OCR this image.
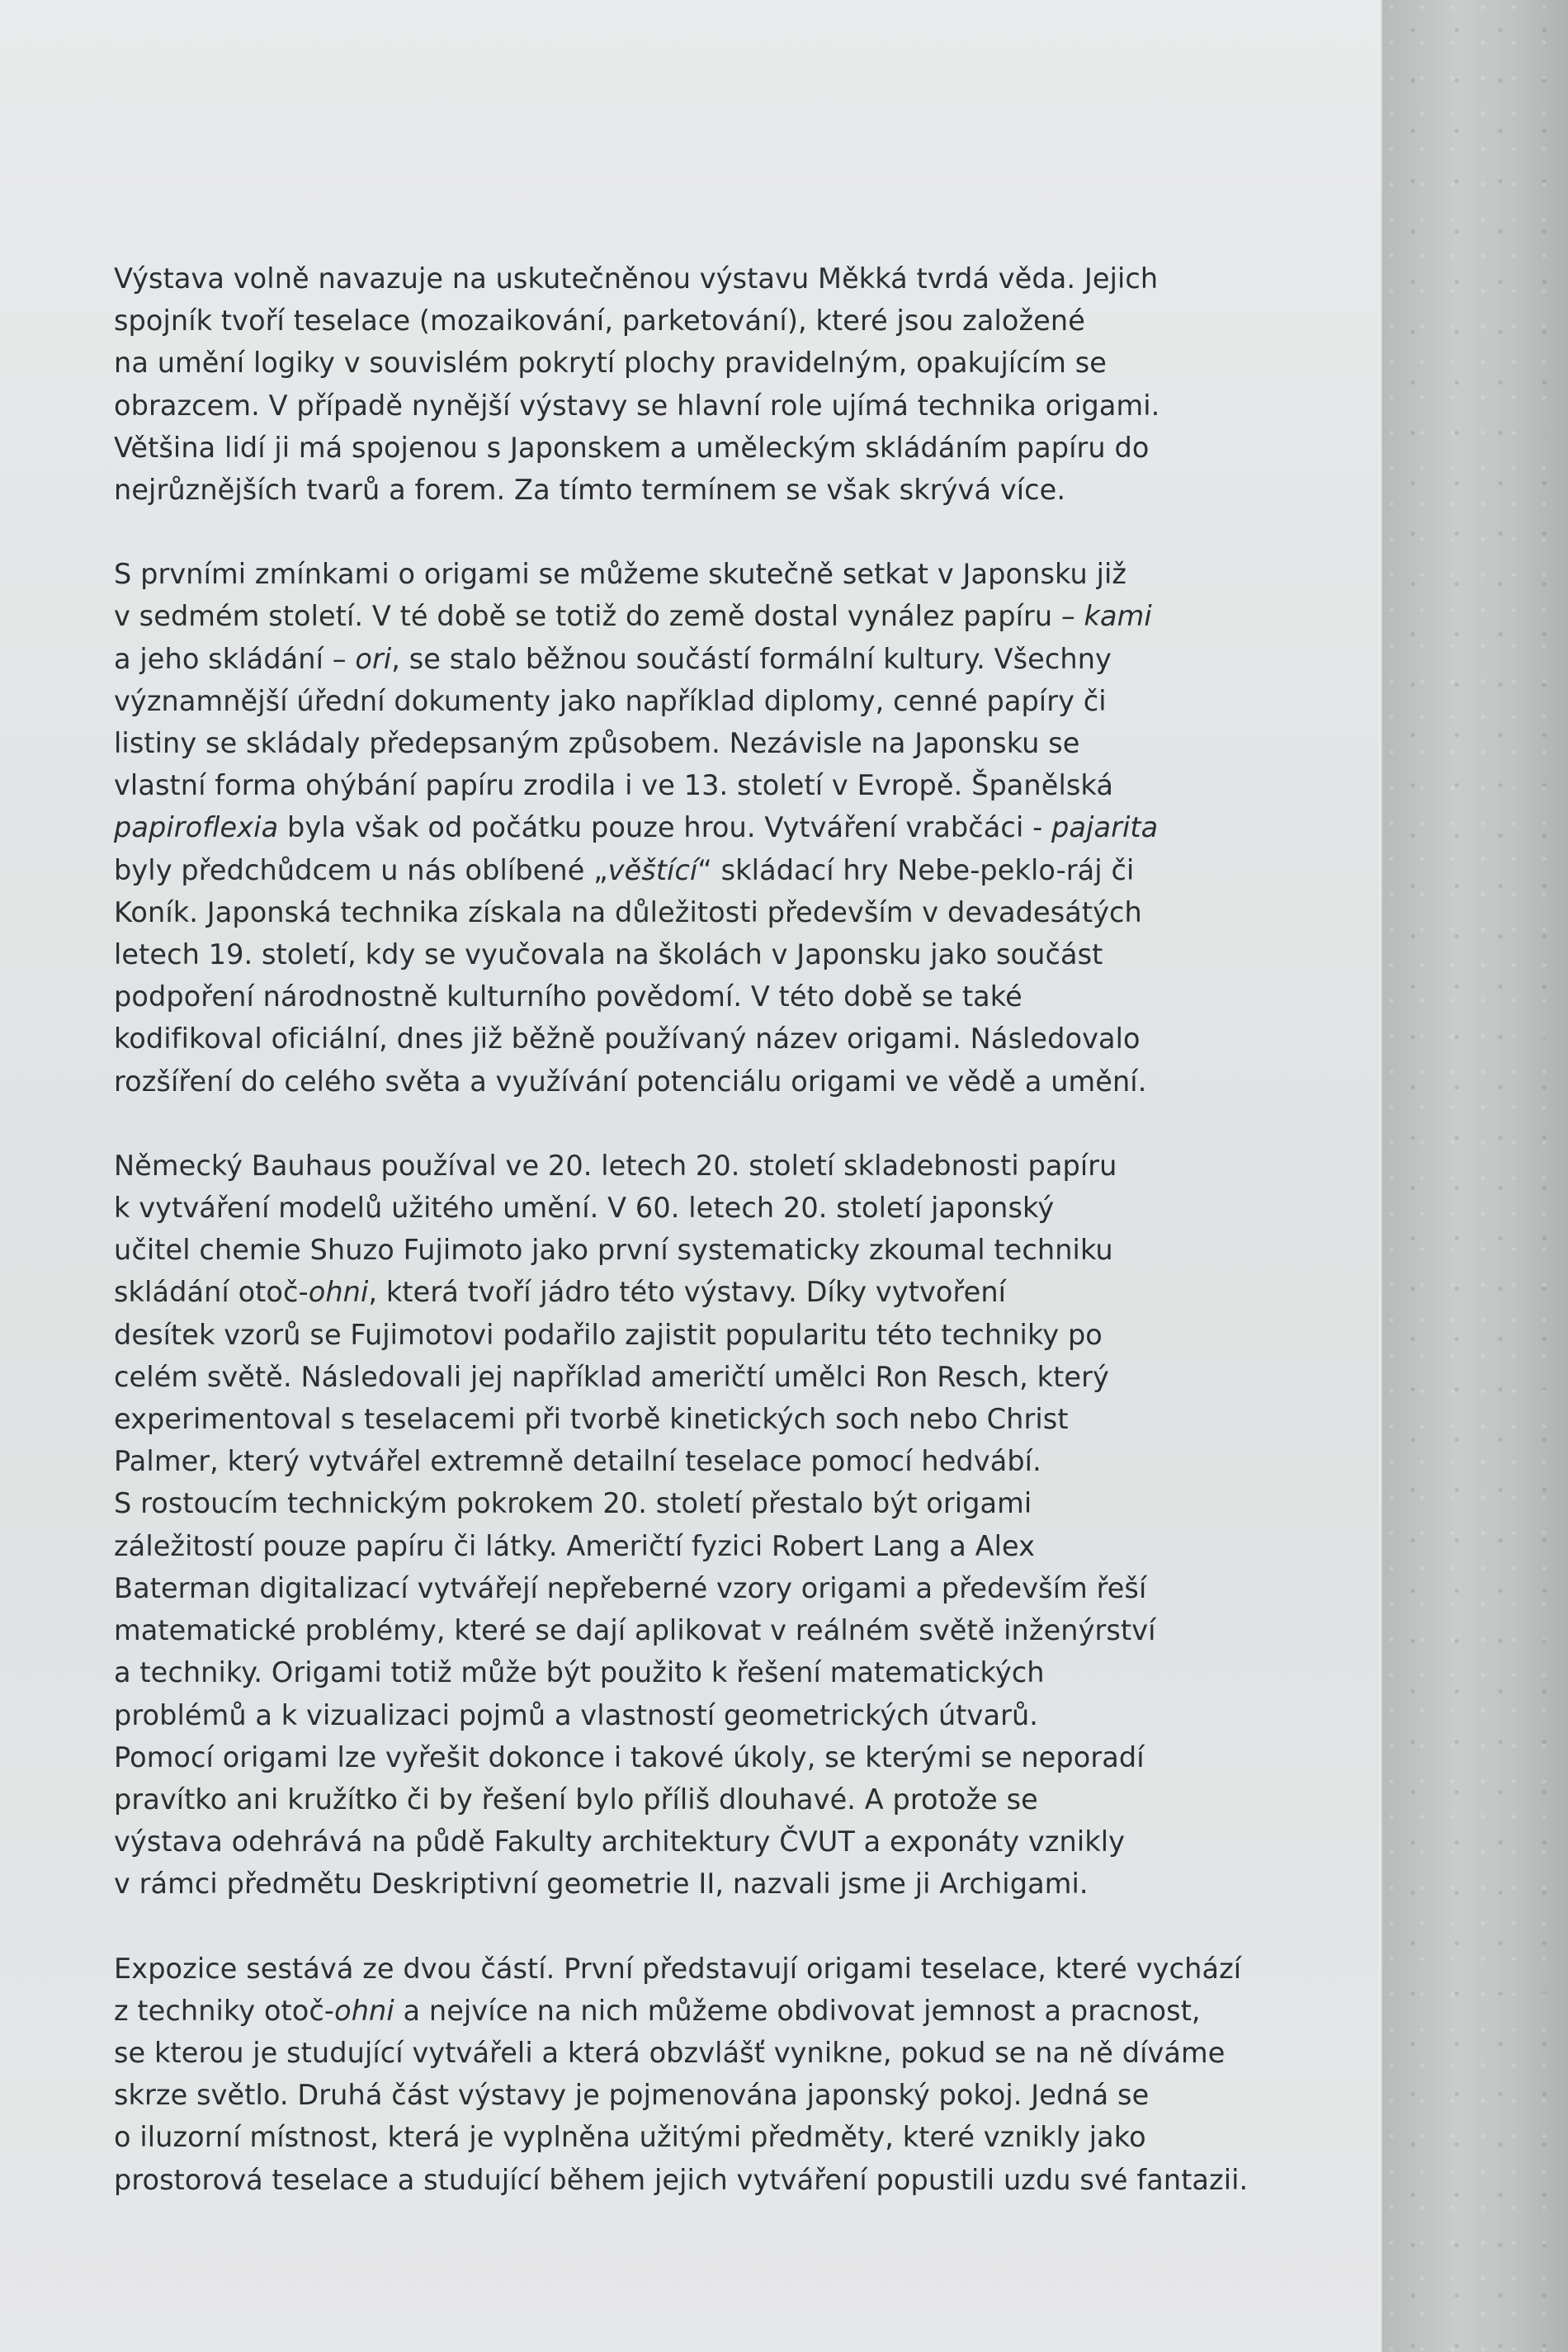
Výstava volně navazuje na uskutečněnou výstavu Měkká tvrdá věda. Jejich
spojník tvoří teselace (mozaikování, parketování), které jsou založené
na umění logiky v souvislém pokrytí plochy pravidelným, opakujícím se
obrazcem. V případě nynější výstavy se hlavní role ujímá technika origami.
Většina lidí ji má spojenou s Japonskem a uměleckým skládáním papíru do
nejrůznějších tvarů a forem. Za tímto termínem se však skrývá více.

S prvními zmínkami o origami se můžeme skutečně setkat v Japonsku již
v sedmém století. V té době se totiž do země dostal vynález papíru – kami
a jeho skládání – ori, se stalo běžnou součástí formální kultury. Všechny
významnější úřední dokumenty jako například diplomy, cenné papíry či
listiny se skládaly předepsaným způsobem. Nezávisle na Japonsku se
vlastní forma ohýbání papíru zrodila i ve 13. století v Evropě. Španělská
papiroflexia byla však od počátku pouze hrou. Vytváření vrabčáci - pajarita
byly předchůdcem u nás oblíbené „věštící“ skládací hry Nebe-peklo-ráj či
Koník. Japonská technika získala na důležitosti především v devadesátých
letech 19. století, kdy se vyučovala na školách v Japonsku jako součást
podpoření národnostně kulturního povědomí. V této době se také
kodifikoval oficiální, dnes již běžně používaný název origami. Následovalo
rozšíření do celého světa a využívání potenciálu origami ve vědě a umění.

Německý Bauhaus používal ve 20. letech 20. století skladebnosti papíru
k vytváření modelů užitého umění. V 60. letech 20. století japonský
učitel chemie Shuzo Fujimoto jako první systematicky zkoumal techniku
skládání otoč-ohni, která tvoří jádro této výstavy. Díky vytvoření
desítek vzorů se Fujimotovi podařilo zajistit popularitu této techniky po
celém světě. Následovali jej například američtí umělci Ron Resch, který
experimentoval s teselacemi při tvorbě kinetických soch nebo Christ
Palmer, který vytvářel extremně detailní teselace pomocí hedvábí.
S rostoucím technickým pokrokem 20. století přestalo být origami
záležitostí pouze papíru či látky. Američtí fyzici Robert Lang a Alex
Baterman digitalizací vytvářejí nepřeberné vzory origami a především řeší
matematické problémy, které se dají aplikovat v reálném světě inženýrství
a techniky. Origami totiž může být použito k řešení matematických
problémů a k vizualizaci pojmů a vlastností geometrických útvarů.
Pomocí origami lze vyřešit dokonce i takové úkoly, se kterými se neporadí
pravítko ani kružítko či by řešení bylo příliš dlouhavé. A protože se
výstava odehrává na půdě Fakulty architektury ČVUT a exponáty vznikly
v rámci předmětu Deskriptivní geometrie II, nazvali jsme ji Archigami.

Expozice sestává ze dvou částí. První představují origami teselace, které vychází
z techniky otoč-ohni a nejvíce na nich můžeme obdivovat jemnost a pracnost,
se kterou je studující vytvářeli a která obzvlášť vynikne, pokud se na ně díváme
skrze světlo. Druhá část výstavy je pojmenována japonský pokoj. Jedná se
o iluzorní místnost, která je vyplněna užitými předměty, které vznikly jako
prostorová teselace a studující během jejich vytváření popustili uzdu své fantazii.
